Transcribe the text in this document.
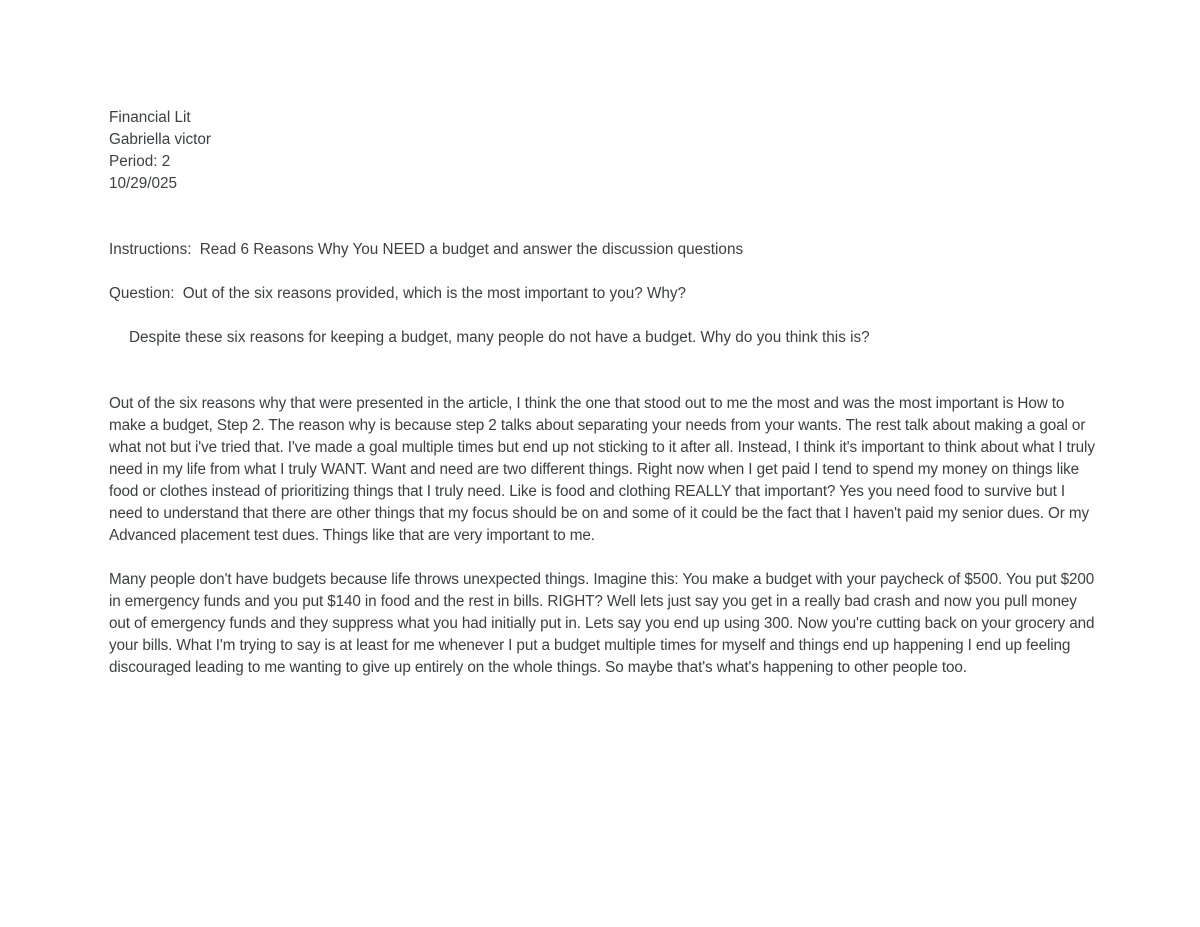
Financial Lit
Gabriella victor
Period: 2
10/29/025
Instructions: Read 6 Reasons Why You NEED a budget and answer the discussion questions
Question: Out of the six reasons provided, which is the most important to you? Why?
Despite these six reasons for keeping a budget, many people do not have a budget. Why do you think this is?

Out of the six reasons why that were presented in the article, I think the one that stood out to me the most and was the most important is How to make a budget, Step 2. The reason why is because step 2 talks about separating your needs from your wants. The rest talk about making a goal or what not but i've tried that. I've made a goal multiple times but end up not sticking to it after all. Instead, I think it's important to think about what I truly need in my life from what I truly WANT. Want and need are two different things. Right now when I get paid I tend to spend my money on things like food or clothes instead of prioritizing things that I truly need. Like is food and clothing REALLY that important? Yes you need food to survive but I need to understand that there are other things that my focus should be on and some of it could be the fact that I haven't paid my senior dues. Or my Advanced placement test dues. Things like that are very important to me.

Many people don't have budgets because life throws unexpected things. Imagine this: You make a budget with your paycheck of $500. You put $200 in emergency funds and you put $140 in food and the rest in bills. RIGHT? Well lets just say you get in a really bad crash and now you pull money out of emergency funds and they suppress what you had initially put in. Lets say you end up using 300. Now you're cutting back on your grocery and your bills. What I'm trying to say is at least for me whenever I put a budget multiple times for myself and things end up happening I end up feeling discouraged leading to me wanting to give up entirely on the whole things. So maybe that's what's happening to other people too.
